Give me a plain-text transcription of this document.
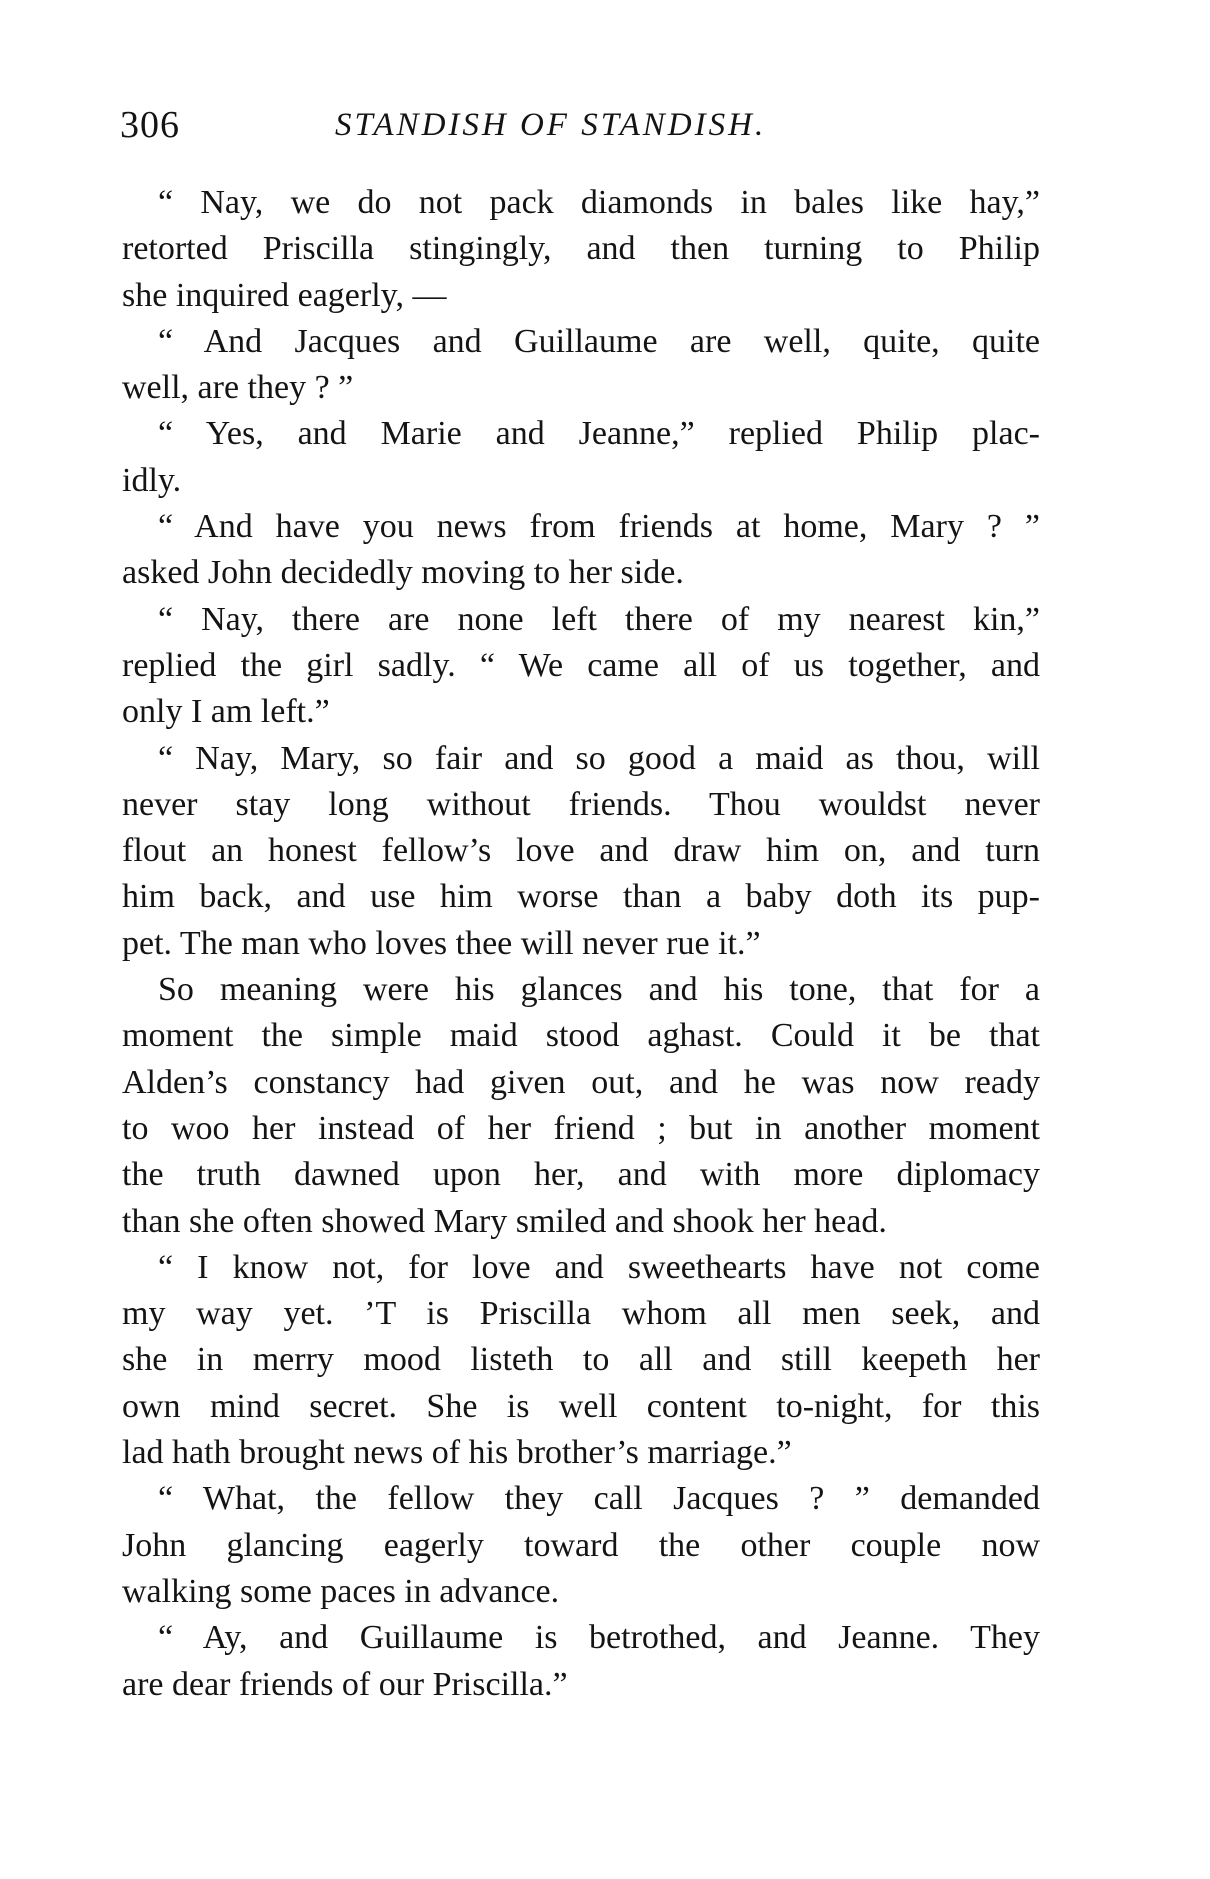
306	STANDISH OF STANDISH.
“ Nay, we do not pack diamonds in bales like hay,”
retorted Priscilla stingingly, and then turning to Philip
she inquired eagerly, —
“ And Jacques and Guillaume are well, quite, quite
well, are they ? ”
“ Yes, and Marie and Jeanne,” replied Philip plac-
idly.
“ And have you news from friends at home, Mary ? ”
asked John decidedly moving to her side.
“ Nay, there are none left there of my nearest kin,”
replied the girl sadly. “ We came all of us together, and
only I am left.”
“ Nay, Mary, so fair and so good a maid as thou, will
never stay long without friends. Thou wouldst never
flout an honest fellow’s love and draw him on, and turn
him back, and use him worse than a baby doth its pup-
pet. The man who loves thee will never rue it.”
So meaning were his glances and his tone, that for a
moment the simple maid stood aghast. Could it be that
Alden’s constancy had given out, and he was now ready
to woo her instead of her friend ; but in another moment
the truth dawned upon her, and with more diplomacy
than she often showed Mary smiled and shook her head.
“ I know not, for love and sweethearts have not come
my way yet. ’T is Priscilla whom all men seek, and
she in merry mood listeth to all and still keepeth her
own mind secret. She is well content to-night, for this
lad hath brought news of his brother’s marriage.”
“ What, the fellow they call Jacques ? ” demanded
John glancing eagerly toward the other couple now
walking some paces in advance.
“ Ay, and Guillaume is betrothed, and Jeanne. They
are dear friends of our Priscilla.”
